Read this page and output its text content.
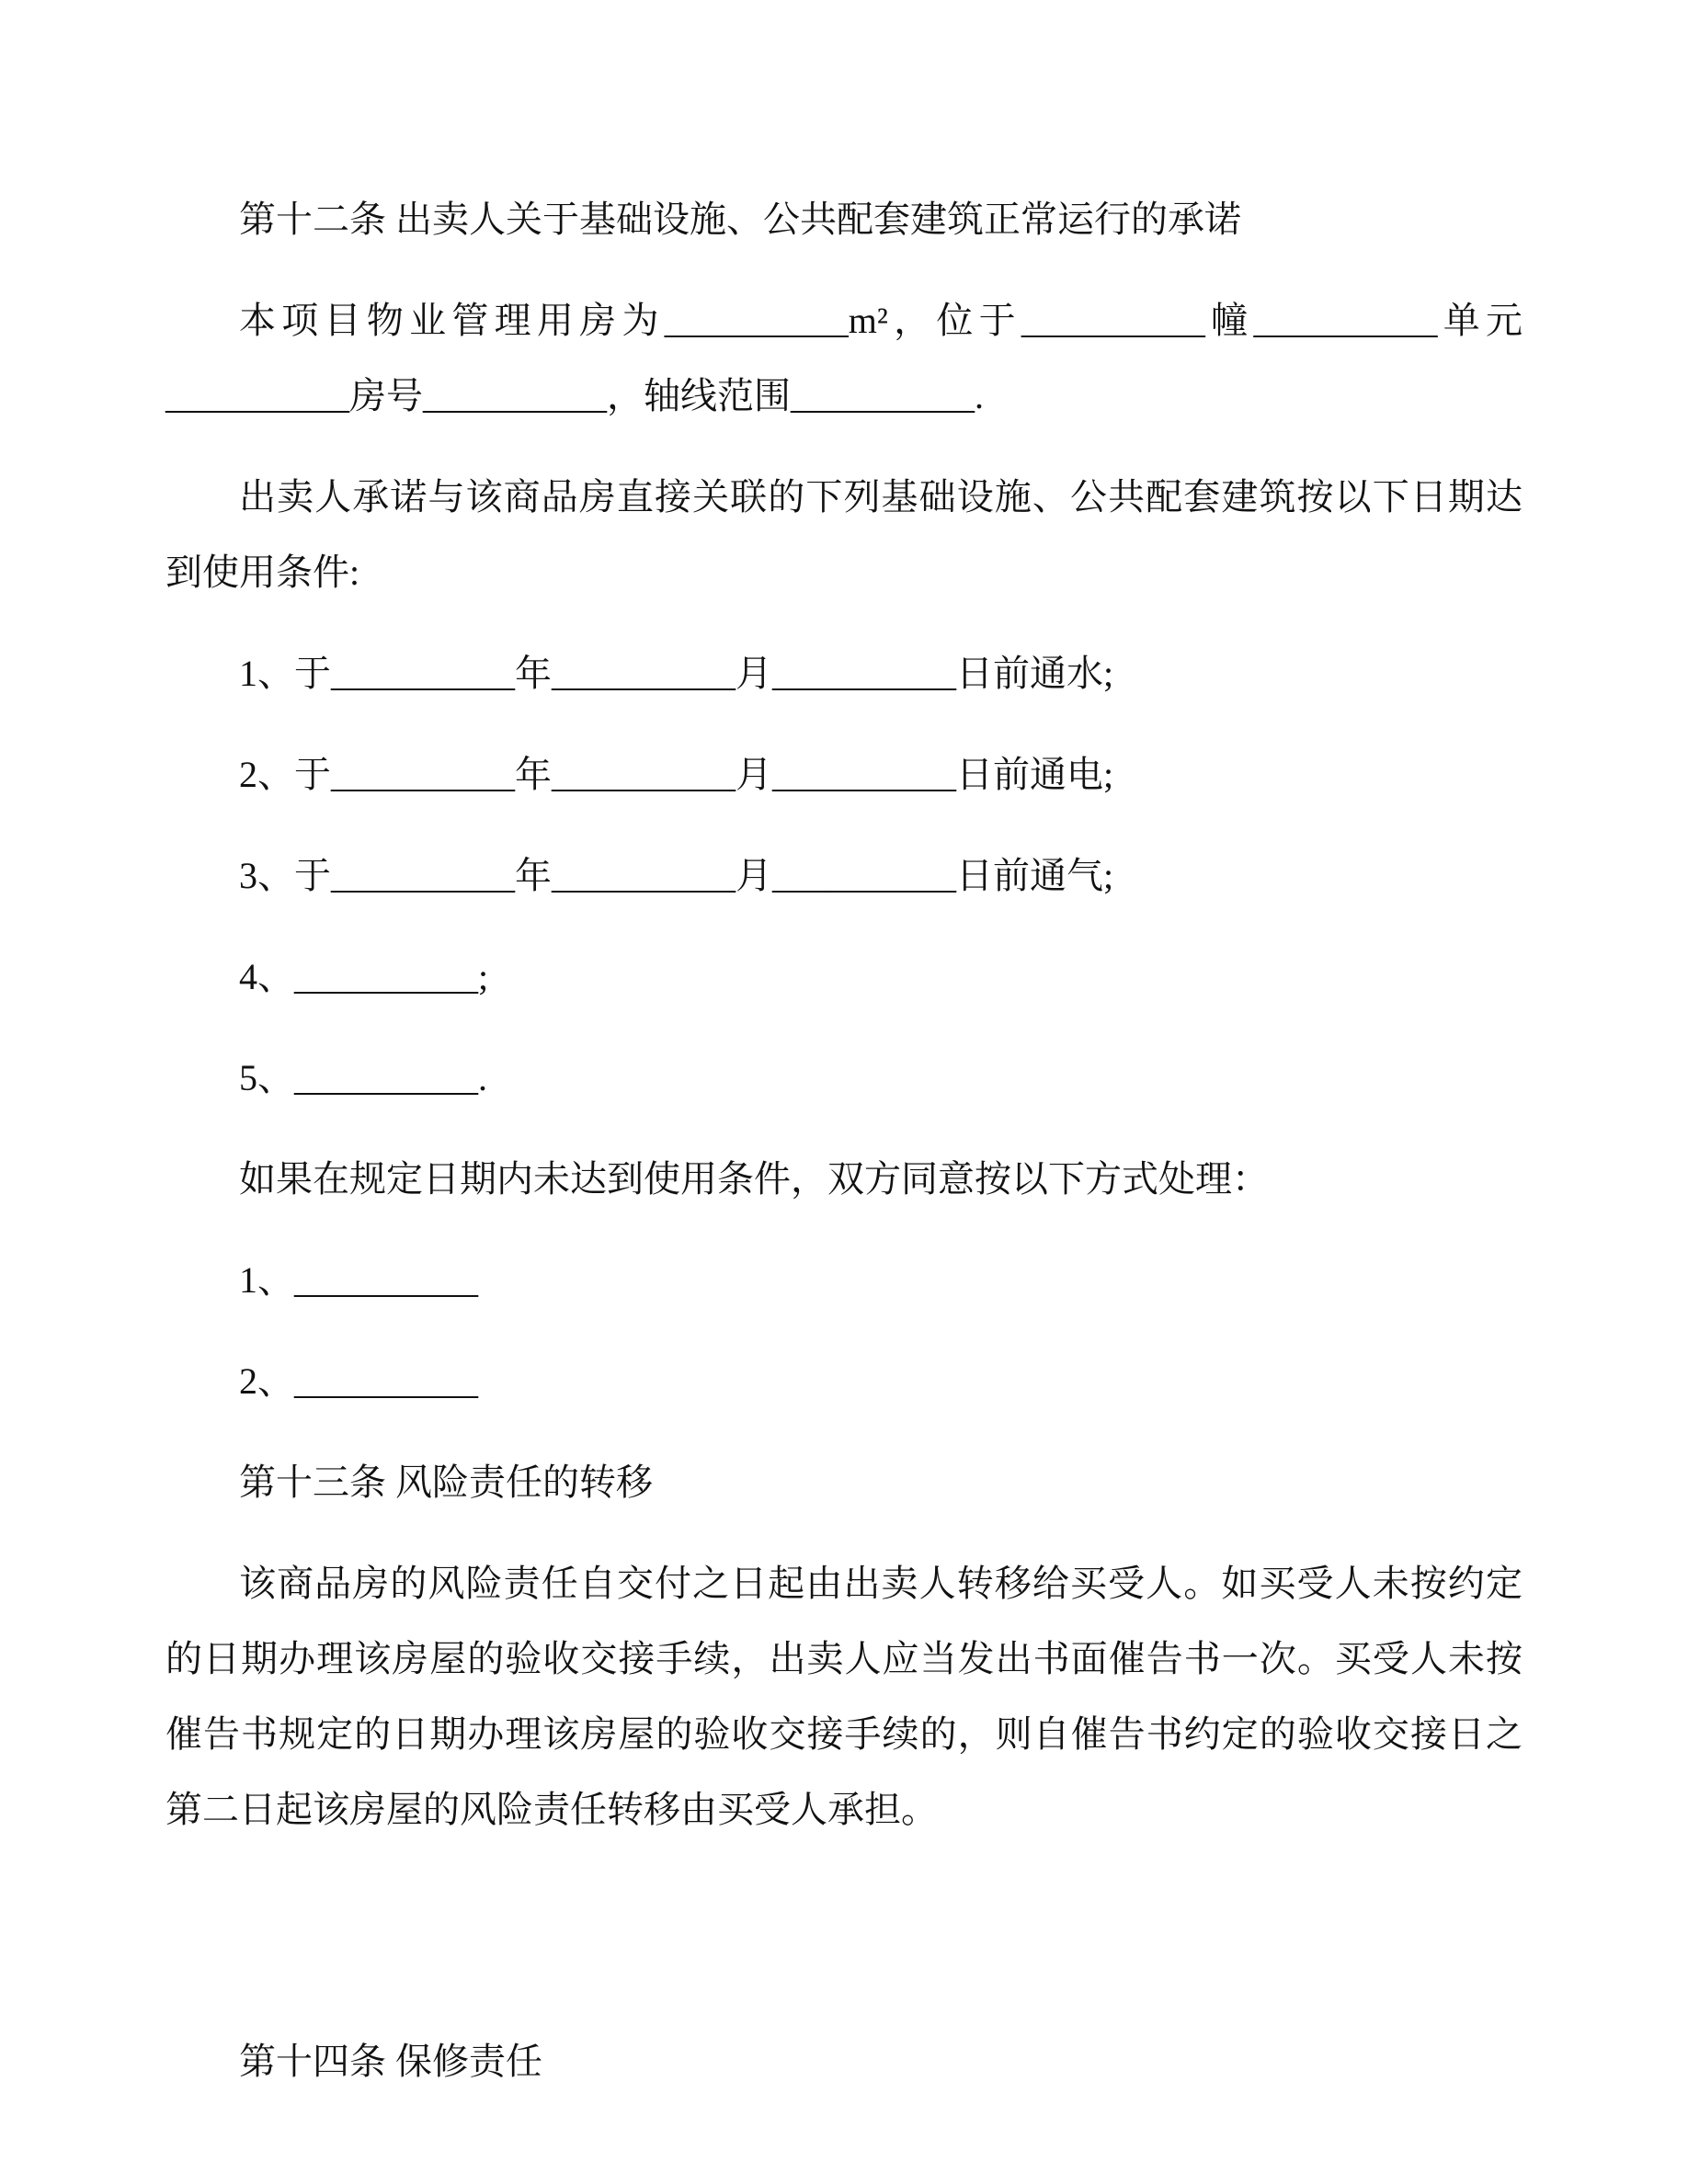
第十二条 出卖人关于基础设施、公共配套建筑正常运行的承诺

本项目物业管理用房为__________m²，位于__________幢__________单元__________房号__________，轴线范围__________.

出卖人承诺与该商品房直接关联的下列基础设施、公共配套建筑按以下日期达到使用条件:

1、于__________年__________月__________日前通水;

2、于__________年__________月__________日前通电;

3、于__________年__________月__________日前通气;

4、__________;

5、__________.

如果在规定日期内未达到使用条件，双方同意按以下方式处理：

1、__________

2、__________

第十三条 风险责任的转移

该商品房的风险责任自交付之日起由出卖人转移给买受人。如买受人未按约定的日期办理该房屋的验收交接手续，出卖人应当发出书面催告书一次。买受人未按催告书规定的日期办理该房屋的验收交接手续的，则自催告书约定的验收交接日之第二日起该房屋的风险责任转移由买受人承担。

第十四条 保修责任
